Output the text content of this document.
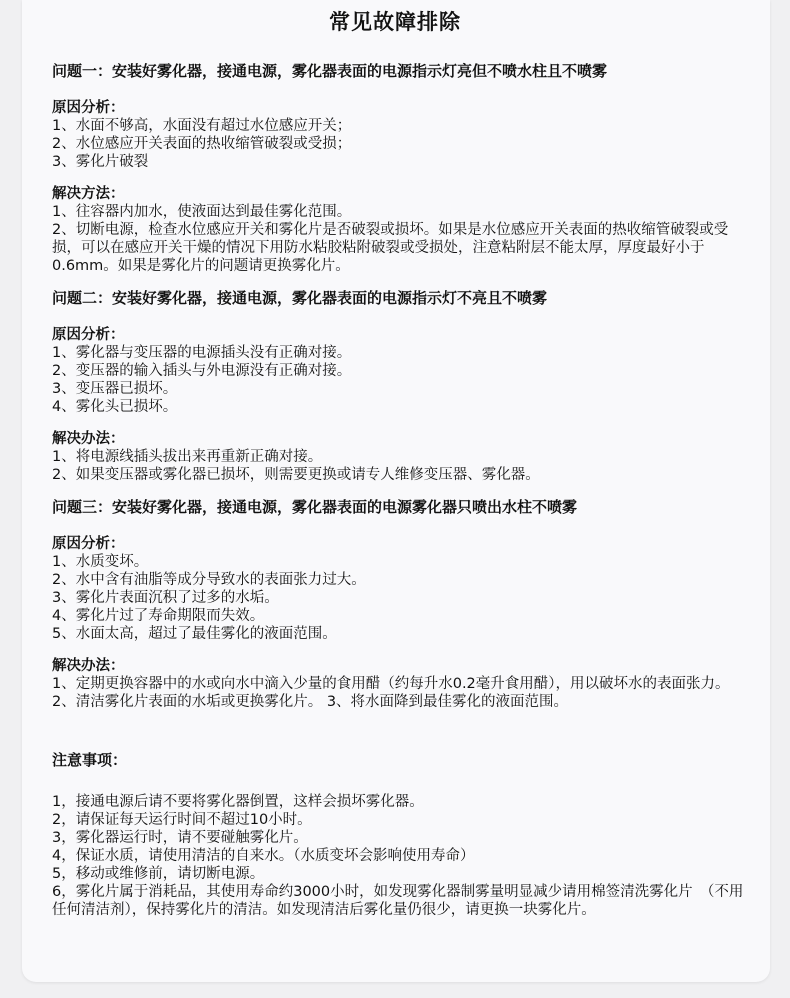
常见故障排除

问题一：安装好雾化器，接通电源，雾化器表面的电源指示灯亮但不喷水柱且不喷雾

原因分析：

1、水面不够高，水面没有超过水位感应开关；

2、水位感应开关表面的热收缩管破裂或受损；

3、雾化片破裂

解决方法：

1、往容器内加水，使液面达到最佳雾化范围。

2、切断电源，检查水位感应开关和雾化片是否破裂或损坏。如果是水位感应开关表面的热收缩管破裂或受损，可以在感应开关干燥的情况下用防水粘胶粘附破裂或受损处，注意粘附层不能太厚，厚度最好小于0.6mm。如果是雾化片的问题请更换雾化片。

问题二：安装好雾化器，接通电源，雾化器表面的电源指示灯不亮且不喷雾

原因分析：

1、雾化器与变压器的电源插头没有正确对接。

2、变压器的输入插头与外电源没有正确对接。

3、变压器已损坏。

4、雾化头已损坏。

解决办法：

1、将电源线插头拔出来再重新正确对接。

2、如果变压器或雾化器已损坏，则需要更换或请专人维修变压器、雾化器。

问题三：安装好雾化器，接通电源，雾化器表面的电源雾化器只喷出水柱不喷雾

原因分析：

1、水质变坏。

2、水中含有油脂等成分导致水的表面张力过大。

3、雾化片表面沉积了过多的水垢。

4、雾化片过了寿命期限而失效。

5、水面太高，超过了最佳雾化的液面范围。

解决办法：

1、定期更换容器中的水或向水中滴入少量的食用醋（约每升水0.2毫升食用醋），用以破坏水的表面张力。 2、清洁雾化片表面的水垢或更换雾化片。 3、将水面降到最佳雾化的液面范围。

注意事项：

1，接通电源后请不要将雾化器倒置，这样会损坏雾化器。

2，请保证每天运行时间不超过10小时。

3，雾化器运行时，请不要碰触雾化片。

4，保证水质，请使用清洁的自来水。（水质变坏会影响使用寿命）

5，移动或维修前，请切断电源。

6，雾化片属于消耗品，其使用寿命约3000小时，如发现雾化器制雾量明显减少请用棉签清洗雾化片　（不用任何清洁剂），保持雾化片的清洁。如发现清洁后雾化量仍很少，请更换一块雾化片。
